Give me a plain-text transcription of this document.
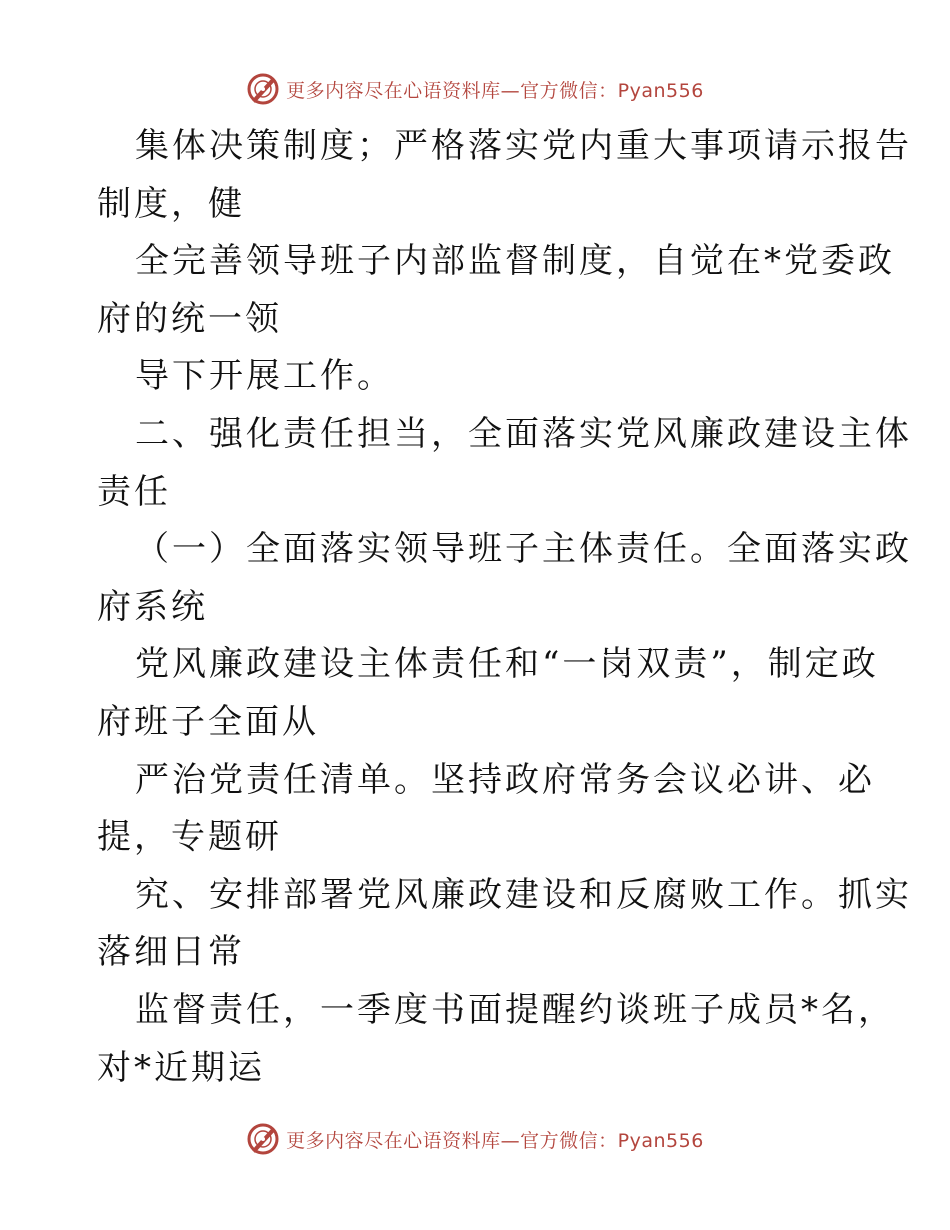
更多内容尽在心语资料库—官方微信：Pyan556
集体决策制度；严格落实党内重大事项请示报告
制度，健
全完善领导班子内部监督制度，自觉在*党委政
府的统一领
导下开展工作。
二、强化责任担当，全面落实党风廉政建设主体
责任
（一）全面落实领导班子主体责任。全面落实政
府系统
党风廉政建设主体责任和“一岗双责”，制定政
府班子全面从
严治党责任清单。坚持政府常务会议必讲、必
提，专题研
究、安排部署党风廉政建设和反腐败工作。抓实
落细日常
监督责任，一季度书面提醒约谈班子成员*名，
对*近期运
更多内容尽在心语资料库—官方微信：Pyan556
